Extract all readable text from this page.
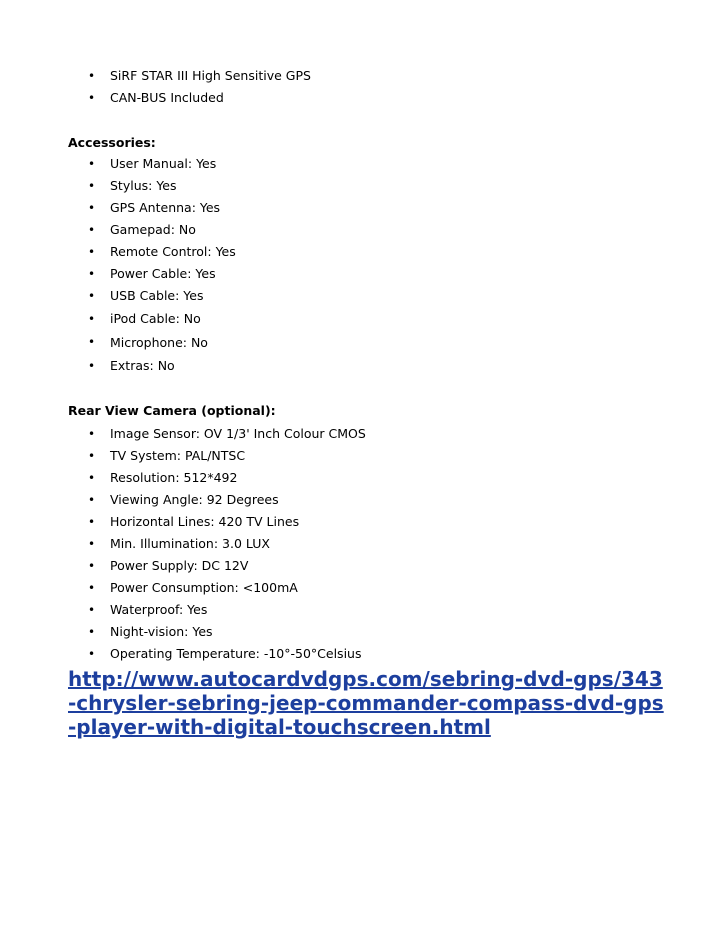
• SiRF STAR III High Sensitive GPS
• CAN-BUS Included
Accessories:
• User Manual: Yes
• Stylus: Yes
• GPS Antenna: Yes
• Gamepad: No
• Remote Control: Yes
• Power Cable: Yes
• USB Cable: Yes
• iPod Cable: No
• Microphone: No
• Extras: No
Rear View Camera (optional):
• Image Sensor: OV 1/3' Inch Colour CMOS
• TV System: PAL/NTSC
• Resolution: 512*492
• Viewing Angle: 92 Degrees
• Horizontal Lines: 420 TV Lines
• Min. Illumination: 3.0 LUX
• Power Supply: DC 12V
• Power Consumption: <100mA
• Waterproof: Yes
• Night-vision: Yes
• Operating Temperature: -10°-50°Celsius
http://www.autocardvdgps.com/sebring-dvd-gps/343-chrysler-sebring-jeep-commander-compass-dvd-gps-player-with-digital-touchscreen.html
